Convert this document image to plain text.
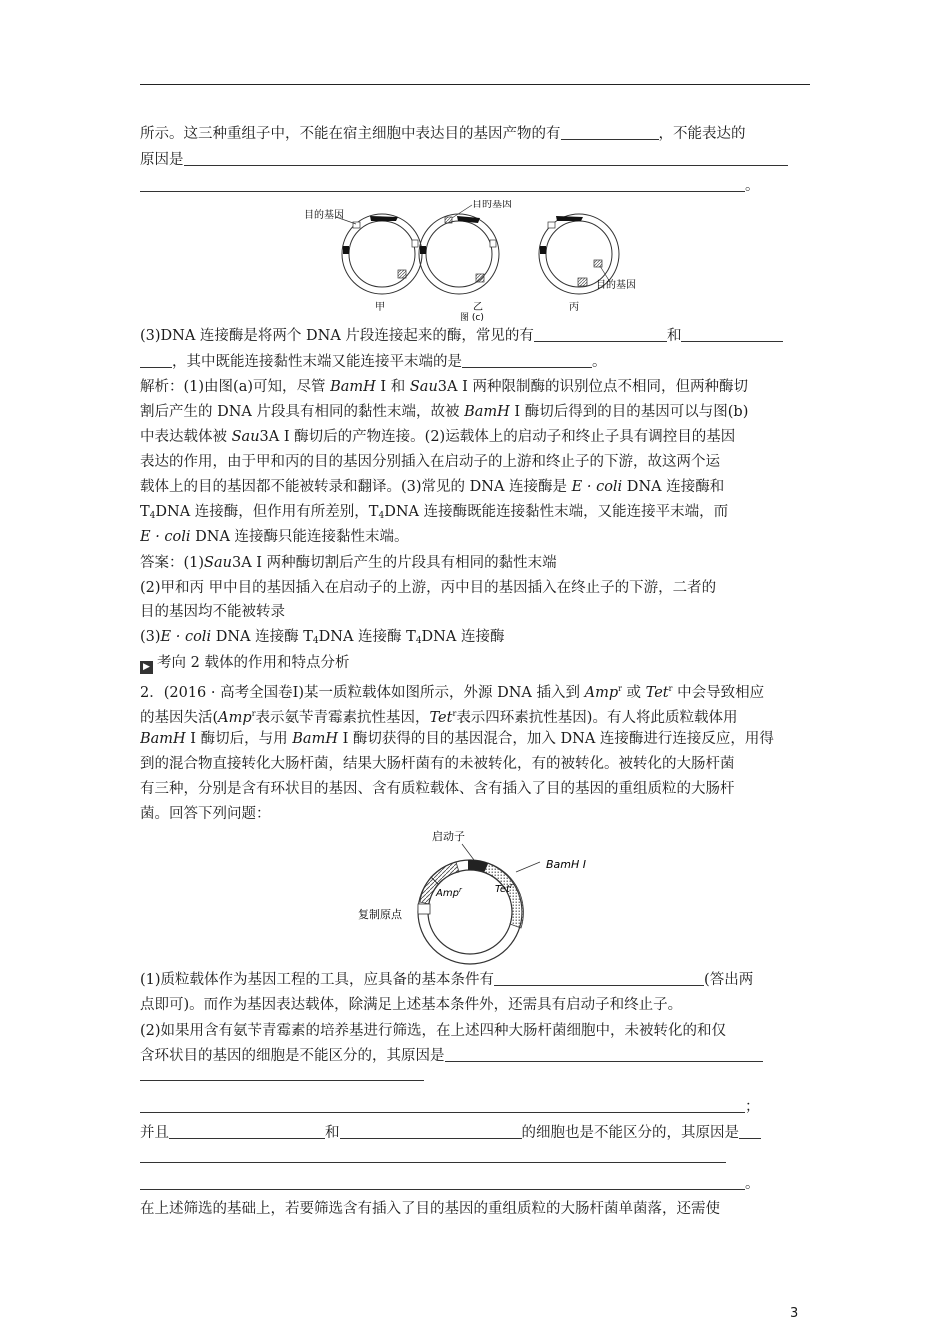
所示。这三种重组子中，不能在宿主细胞中表达目的基因产物的有	，不能表达的
原因是
。
目的基因
甲
目的基因
乙
目的基因
丙
图 (c)
(3)DNA 连接酶是将两个 DNA 片段连接起来的酶，常见的有	和
，其中既能连接黏性末端又能连接平末端的是	。
解析：(1)由图(a)可知，尽管 BamH Ⅰ 和 Sau3A Ⅰ 两种限制酶的识别位点不相同，但两种酶切
割后产生的 DNA 片段具有相同的黏性末端，故被 BamH Ⅰ 酶切后得到的目的基因可以与图(b)
中表达载体被 Sau3A Ⅰ 酶切后的产物连接。(2)运载体上的启动子和终止子具有调控目的基因
表达的作用，由于甲和丙的目的基因分别插入在启动子的上游和终止子的下游，故这两个运
载体上的目的基因都不能被转录和翻译。(3)常见的 DNA 连接酶是 E · coli DNA 连接酶和
$T_4DNA$ 连接酶，但作用有所差别，$T_4DNA$ 连接酶既能连接黏性末端，又能连接平末端，而
E · coli DNA 连接酶只能连接黏性末端。
答案：(1)Sau3A Ⅰ 两种酶切割后产生的片段具有相同的黏性末端
(2)甲和丙 甲中目的基因插入在启动子的上游，丙中目的基因插入在终止子的下游，二者的
目的基因均不能被转录
(3)E · coli DNA 连接酶 $T_4DNA$ 连接酶 $T_4DNA$ 连接酶
▶ 考向 2 载体的作用和特点分析
2．(2016 · 高考全国卷Ⅰ)某一质粒载体如图所示，外源 DNA 插入到 Amp$^r$ 或 Tet$^r$ 中会导致相应
的基因失活(Amp$^r$表示氨苄青霉素抗性基因，Tet$^r$表示四环素抗性基因)。有人将此质粒载体用
BamH Ⅰ 酶切后，与用 BamH Ⅰ 酶切获得的目的基因混合，加入 DNA 连接酶进行连接反应，用得
到的混合物直接转化大肠杆菌，结果大肠杆菌有的未被转化，有的被转化。被转化的大肠杆菌
有三种，分别是含有环状目的基因、含有质粒载体、含有插入了目的基因的重组质粒的大肠杆
菌。回答下列问题：
BamH Ⅰ
启动子
Amp$^r$	Tet$^r$
复制原点
(1)质粒载体作为基因工程的工具，应具备的基本条件有	(答出两
点即可)。而作为基因表达载体，除满足上述基本条件外，还需具有启动子和终止子。
(2)如果用含有氨苄青霉素的培养基进行筛选，在上述四种大肠杆菌细胞中，未被转化的和仅
含环状目的基因的细胞是不能区分的，其原因是
；
并且	和	的细胞也是不能区分的，其原因是
。
在上述筛选的基础上，若要筛选含有插入了目的基因的重组质粒的大肠杆菌单菌落，还需使
3
